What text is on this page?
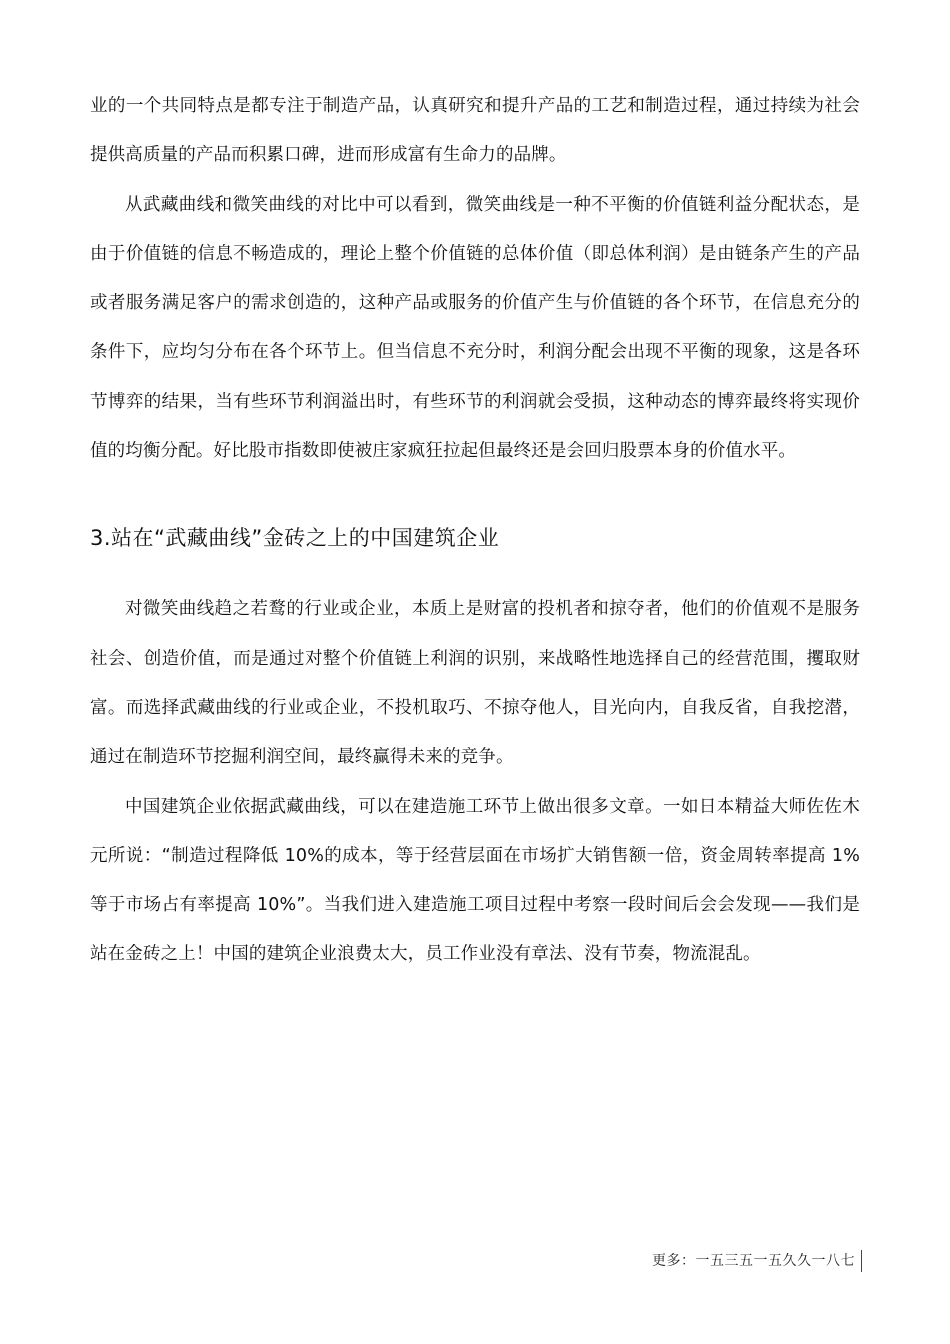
业的一个共同特点是都专注于制造产品，认真研究和提升产品的工艺和制造过程，通过持续为社会提供高质量的产品而积累口碑，进而形成富有生命力的品牌。

从武藏曲线和微笑曲线的对比中可以看到，微笑曲线是一种不平衡的价值链利益分配状态，是由于价值链的信息不畅造成的，理论上整个价值链的总体价值（即总体利润）是由链条产生的产品或者服务满足客户的需求创造的，这种产品或服务的价值产生与价值链的各个环节，在信息充分的条件下，应均匀分布在各个环节上。但当信息不充分时，利润分配会出现不平衡的现象，这是各环节博弈的结果，当有些环节利润溢出时，有些环节的利润就会受损，这种动态的博弈最终将实现价值的均衡分配。好比股市指数即使被庄家疯狂拉起但最终还是会回归股票本身的价值水平。

3.站在“武藏曲线”金砖之上的中国建筑企业

对微笑曲线趋之若鹜的行业或企业，本质上是财富的投机者和掠夺者，他们的价值观不是服务社会、创造价值，而是通过对整个价值链上利润的识别，来战略性地选择自己的经营范围，攫取财富。而选择武藏曲线的行业或企业，不投机取巧、不掠夺他人，目光向内，自我反省，自我挖潜，通过在制造环节挖掘利润空间，最终赢得未来的竞争。

中国建筑企业依据武藏曲线，可以在建造施工环节上做出很多文章。一如日本精益大师佐佐木元所说：“制造过程降低 10%的成本，等于经营层面在市场扩大销售额一倍，资金周转率提高 1%等于市场占有率提高 10%”。当我们进入建造施工项目过程中考察一段时间后会会发现——我们是站在金砖之上！中国的建筑企业浪费太大，员工作业没有章法、没有节奏，物流混乱。

更多：一五三五一五久久一八七
